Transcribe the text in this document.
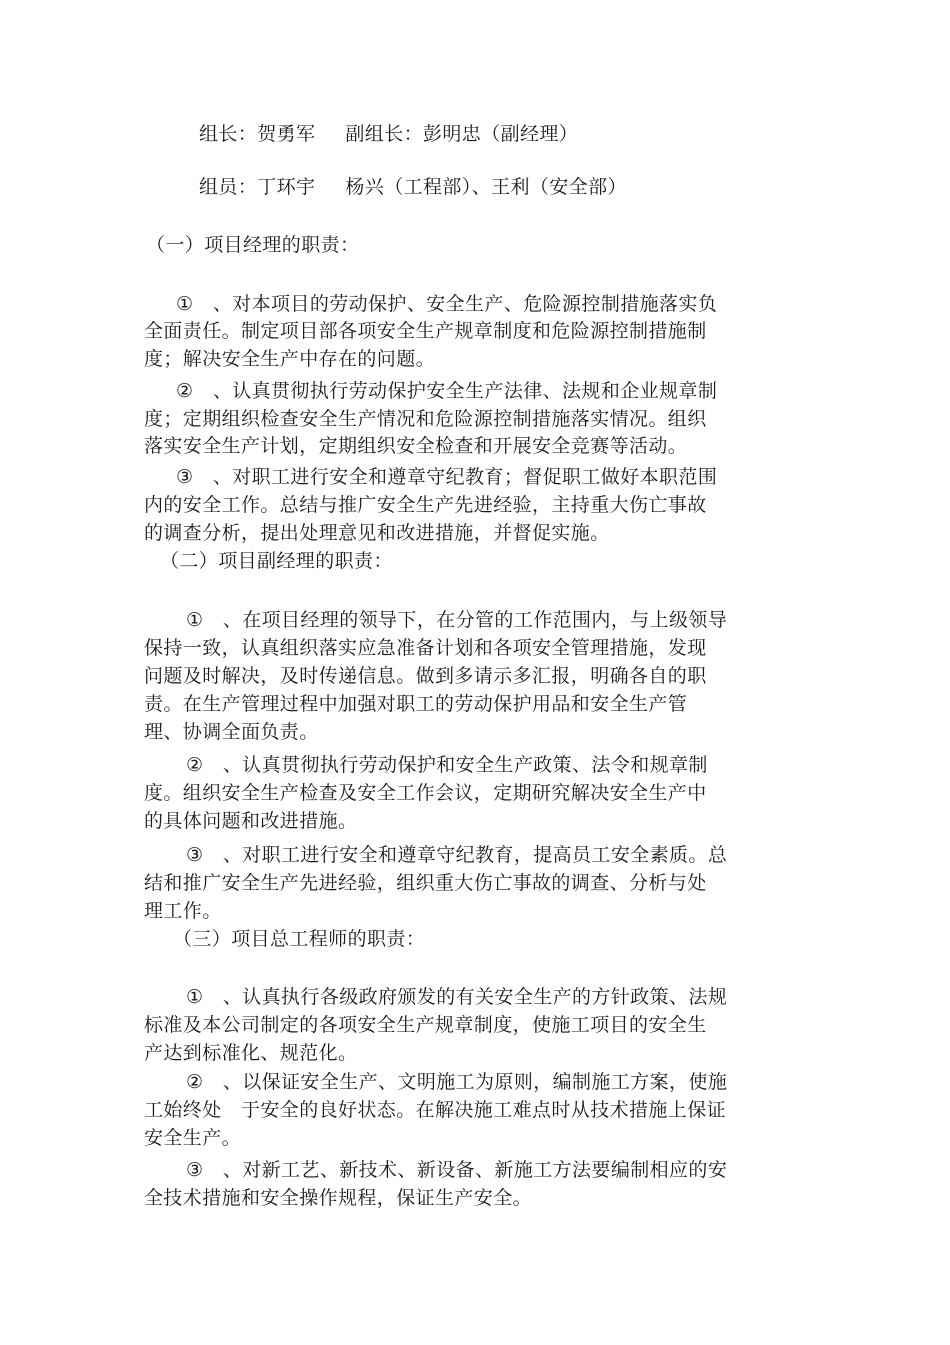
组长：贺勇军 副组长：彭明忠（副经理）
组员：丁环宇 杨兴（工程部）、王利（安全部）
（一）项目经理的职责：
①　、对本项目的劳动保护、安全生产、危险源控制措施落实负
全面责任。制定项目部各项安全生产规章制度和危险源控制措施制
度；解决安全生产中存在的问题。
②　、认真贯彻执行劳动保护安全生产法律、法规和企业规章制
度；定期组织检查安全生产情况和危险源控制措施落实情况。组织
落实安全生产计划，定期组织安全检查和开展安全竞赛等活动。
③　、对职工进行安全和遵章守纪教育；督促职工做好本职范围
内的安全工作。总结与推广安全生产先进经验，主持重大伤亡事故
的调查分析，提出处理意见和改进措施，并督促实施。
（二）项目副经理的职责：
①　、在项目经理的领导下，在分管的工作范围内，与上级领导
保持一致，认真组织落实应急准备计划和各项安全管理措施，发现
问题及时解决，及时传递信息。做到多请示多汇报，明确各自的职
责。在生产管理过程中加强对职工的劳动保护用品和安全生产管
理、协调全面负责。
②　、认真贯彻执行劳动保护和安全生产政策、法令和规章制
度。组织安全生产检查及安全工作会议，定期研究解决安全生产中
的具体问题和改进措施。
③　、对职工进行安全和遵章守纪教育，提高员工安全素质。总
结和推广安全生产先进经验，组织重大伤亡事故的调查、分析与处
理工作。
（三）项目总工程师的职责：
①　、认真执行各级政府颁发的有关安全生产的方针政策、法规
标准及本公司制定的各项安全生产规章制度，使施工项目的安全生
产达到标准化、规范化。
②　、以保证安全生产、文明施工为原则，编制施工方案，使施
工始终处　于安全的良好状态。在解决施工难点时从技术措施上保证
安全生产。
③　、对新工艺、新技术、新设备、新施工方法要编制相应的安
全技术措施和安全操作规程，保证生产安全。
